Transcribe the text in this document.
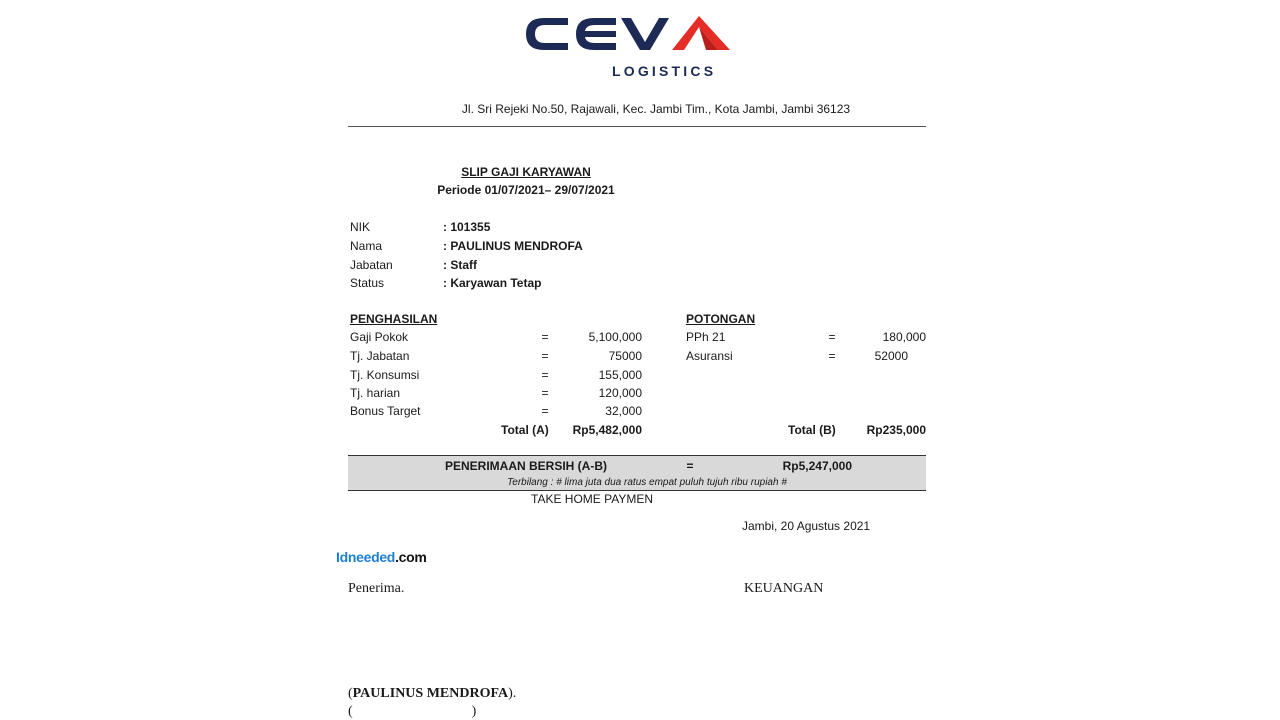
LOGISTICS
Jl. Sri Rejeki No.50, Rajawali, Kec. Jambi Tim., Kota Jambi, Jambi 36123
SLIP GAJI KARYAWAN
Periode 01/07/2021– 29/07/2021
NIK	: 101355
Nama	: PAULINUS MENDROFA
Jabatan	: Staff
Status	: Karyawan Tetap
PENGHASILAN
Gaji Pokok	=	5,100,000
Tj. Jabatan	=	75000
Tj. Konsumsi	=	155,000
Tj. harian	=	120,000
Bonus Target	=	32,000
Total (A)	Rp5,482,000
POTONGAN
PPh 21	=	180,000
Asuransi	=	52000
Total (B)	Rp235,000
PENERIMAAN BERSIH (A-B)	=	Rp5,247,000
Terbilang : # lima juta dua ratus empat puluh tujuh ribu rupiah #
TAKE HOME PAYMEN
Jambi, 20 Agustus 2021
Idneeded.com
Penerima.	KEUANGAN
(PAULINUS MENDROFA).
(                                  )
